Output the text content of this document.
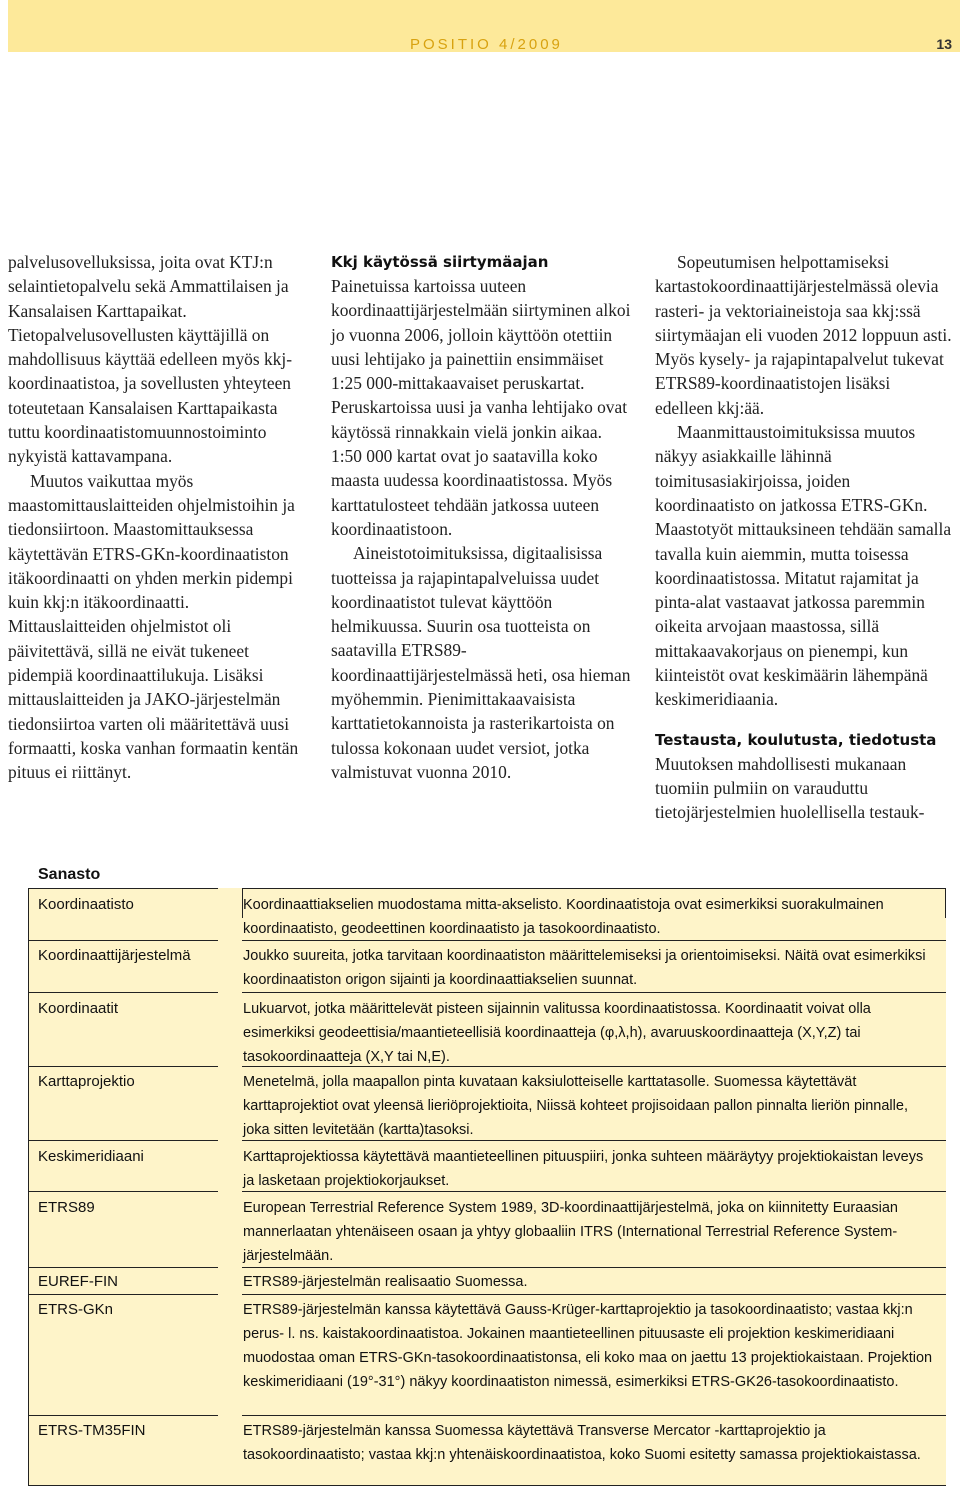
POSITIO 4/2009	13

palvelusovelluksissa, joita ovat KTJ:n selaintietopalvelu sekä Ammattilaisen ja Kansalaisen Karttapaikat. Tietopalvelusovellusten käyttäjillä on mahdollisuus käyttää edelleen myös kkj-koordinaatistoa, ja sovellusten yhteyteen toteutetaan Kansalaisen Karttapaikasta tuttu koordinaatistomuunnostoiminto nykyistä kattavampana.

Muutos vaikuttaa myös maastomittauslaitteiden ohjelmistoihin ja tiedonsiirtoon. Maastomittauksessa käytettävän ETRS-GKn-koordinaatiston itäkoordinaatti on yhden merkin pidempi kuin kkj:n itäkoordinaatti. Mittauslaitteiden ohjelmistot oli päivitettävä, sillä ne eivät tukeneet pidempiä koordinaattilukuja. Lisäksi mittauslaitteiden ja JAKO-järjestelmän tiedonsiirtoa varten oli määritettävä uusi formaatti, koska vanhan formaatin kentän pituus ei riittänyt.

Kkj käytössä siirtymäajan

Painetuissa kartoissa uuteen koordinaattijärjestelmään siirtyminen alkoi jo vuonna 2006, jolloin käyttöön otettiin uusi lehtijako ja painettiin ensimmäiset 1:25 000-mittakaavaiset peruskartat. Peruskartoissa uusi ja vanha lehtijako ovat käytössä rinnakkain vielä jonkin aikaa. 1:50 000 kartat ovat jo saatavilla koko maasta uudessa koordinaatistossa. Myös karttatulosteet tehdään jatkossa uuteen koordinaatistoon.

Aineistotoimituksissa, digitaalisissa tuotteissa ja rajapintapalveluissa uudet koordinaatistot tulevat käyttöön helmikuussa. Suurin osa tuotteista on saatavilla ETRS89-koordinaattijärjestelmässä heti, osa hieman myöhemmin. Pienimittakaavaisista karttatietokannoista ja rasterikartoista on tulossa kokonaan uudet versiot, jotka valmistuvat vuonna 2010.

Sopeutumisen helpottamiseksi kartastokoordinaattijärjestelmässä olevia rasteri- ja vektoriaineistoja saa kkj:ssä siirtymäajan eli vuoden 2012 loppuun asti. Myös kysely- ja rajapintapalvelut tukevat ETRS89-koordinaatistojen lisäksi edelleen kkj:ää.

Maanmittaustoimituksissa muutos näkyy asiakkaille lähinnä toimitusasiakirjoissa, joiden koordinaatisto on jatkossa ETRS-GKn. Maastotyöt mittauksineen tehdään samalla tavalla kuin aiemmin, mutta toisessa koordinaatistossa. Mitatut rajamitat ja pinta-alat vastaavat jatkossa paremmin oikeita arvojaan maastossa, sillä mittakaavakorjaus on pienempi, kun kiinteistöt ovat keskimäärin lähempänä keskimeridiaania.

Testausta, koulutusta, tiedotusta

Muutoksen mahdollisesti mukanaan tuomiin pulmiin on varauduttu tietojärjestelmien huolellisella testauk-

Sanasto
Koordinaatisto	Koordinaattiakselien muodostama mitta-akselisto. Koordinaatistoja ovat esimerkiksi suorakulmainen koordinaatisto, geodeettinen koordinaatisto ja tasokoordinaatisto.
Koordinaattijärjestelmä	Joukko suureita, jotka tarvitaan koordinaatiston määrittelemiseksi ja orientoimiseksi. Näitä ovat esimerkiksi koordinaatiston origon sijainti ja koordinaattiakselien suunnat.
Koordinaatit	Lukuarvot, jotka määrittelevät pisteen sijainnin valitussa koordinaatistossa. Koordinaatit voivat olla esimerkiksi geodeettisia/maantieteellisiä koordinaatteja (φ,λ,h), avaruuskoordinaatteja (X,Y,Z) tai tasokoordinaatteja (X,Y tai N,E).
Karttaprojektio	Menetelmä, jolla maapallon pinta kuvataan kaksiulotteiselle karttatasolle. Suomessa käytettävät karttaprojektiot ovat yleensä lieriöprojektioita, Niissä kohteet projisoidaan pallon pinnalta lieriön pinnalle, joka sitten levitetään (kartta)tasoksi.
Keskimeridiaani	Karttaprojektiossa käytettävä maantieteellinen pituuspiiri, jonka suhteen määräytyy projektiokaistan leveys ja lasketaan projektiokorjaukset.
ETRS89	European Terrestrial Reference System 1989, 3D-koordinaattijärjestelmä, joka on kiinnitetty Euraasian mannerlaatan yhtenäiseen osaan ja yhtyy globaaliin ITRS (International Terrestrial Reference System-järjestelmään.
EUREF-FIN	ETRS89-järjestelmän realisaatio Suomessa.
ETRS-GKn	ETRS89-järjestelmän kanssa käytettävä Gauss-Krüger-karttaprojektio ja tasokoordinaatisto; vastaa kkj:n perus- l. ns. kaistakoordinaatistoa. Jokainen maantieteellinen pituusaste eli projektion keskimeridiaani muodostaa oman ETRS-GKn-tasokoordinaatistonsa, eli koko maa on jaettu 13 projektiokaistaan. Projektion keskimeridiaani (19°-31°) näkyy koordinaatiston nimessä, esimerkiksi ETRS-GK26-tasokoordinaatisto.
ETRS-TM35FIN	ETRS89-järjestelmän kanssa Suomessa käytettävä Transverse Mercator -karttaprojektio ja tasokoordinaatisto; vastaa kkj:n yhtenäiskoordinaatistoa, koko Suomi esitetty samassa projektiokaistassa.
